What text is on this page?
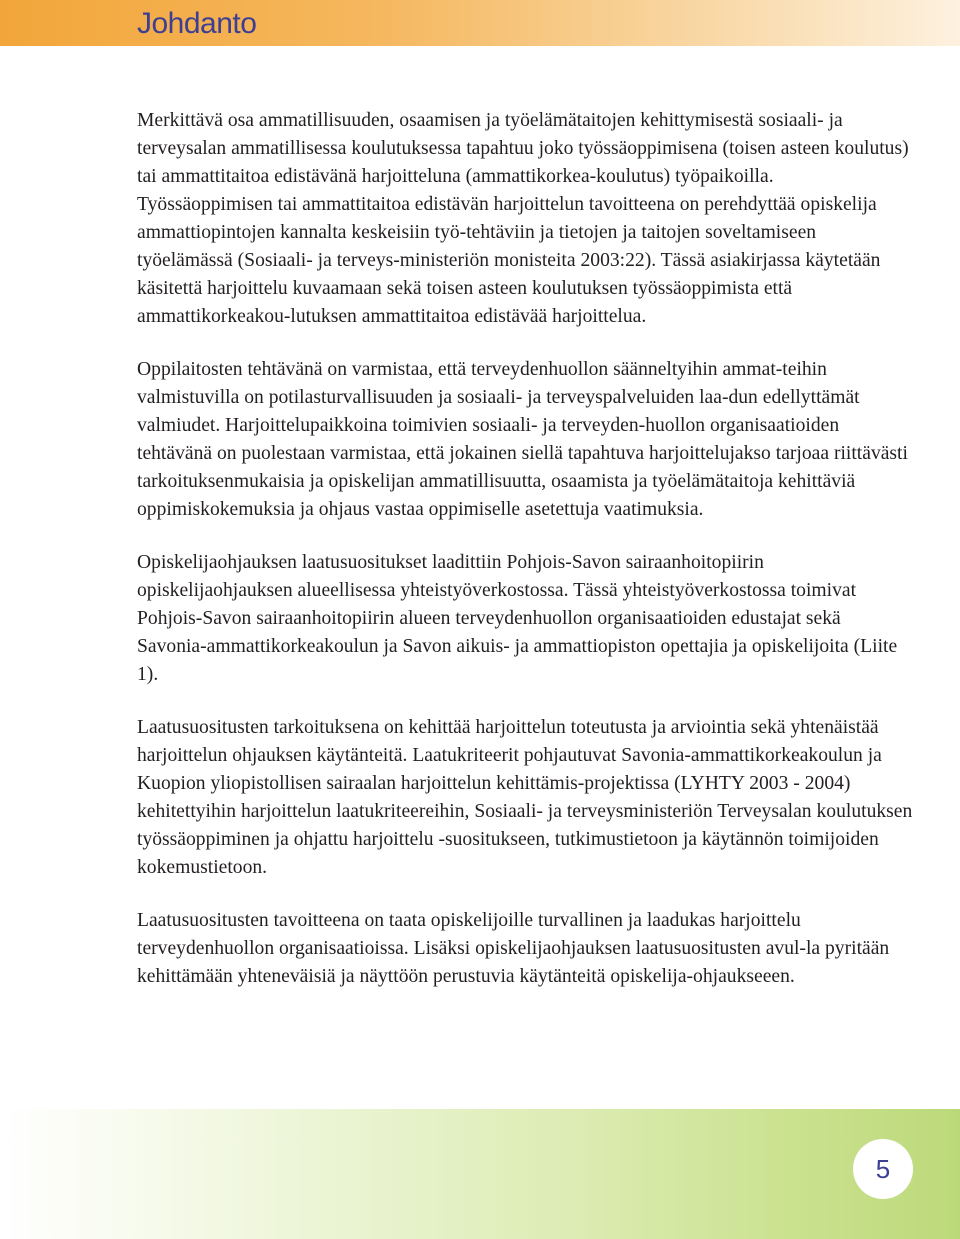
Johdanto

Merkittävä osa ammatillisuuden, osaamisen ja työelämätaitojen kehittymisestä sosiaali- ja terveysalan ammatillisessa koulutuksessa tapahtuu joko työssäoppimisena (toisen asteen koulutus) tai ammattitaitoa edistävänä harjoitteluna (ammattikorkea-koulutus) työpaikoilla. Työssäoppimisen tai ammattitaitoa edistävän harjoittelun tavoitteena on perehdyttää opiskelija ammattiopintojen kannalta keskeisiin työ-tehtäviin ja tietojen ja taitojen soveltamiseen työelämässä (Sosiaali- ja terveys-ministeriön monisteita 2003:22). Tässä asiakirjassa käytetään käsitettä harjoittelu kuvaamaan sekä toisen asteen koulutuksen työssäoppimista että ammattikorkeakou-lutuksen ammattitaitoa edistävää harjoittelua.

Oppilaitosten tehtävänä on varmistaa, että terveydenhuollon säänneltyihin ammat-teihin valmistuvilla on potilasturvallisuuden ja sosiaali- ja terveyspalveluiden laa-dun edellyttämät valmiudet. Harjoittelupaikkoina toimivien sosiaali- ja terveyden-huollon organisaatioiden tehtävänä on puolestaan varmistaa, että jokainen siellä tapahtuva harjoittelujakso tarjoaa riittävästi tarkoituksenmukaisia ja opiskelijan ammatillisuutta, osaamista ja työelämätaitoja kehittäviä oppimiskokemuksia ja ohjaus vastaa oppimiselle asetettuja vaatimuksia.

Opiskelijaohjauksen laatusuositukset laadittiin Pohjois-Savon sairaanhoitopiirin opiskelijaohjauksen alueellisessa yhteistyöverkostossa. Tässä yhteistyöverkostossa toimivat Pohjois-Savon sairaanhoitopiirin alueen terveydenhuollon organisaatioiden edustajat sekä Savonia-ammattikorkeakoulun ja Savon aikuis- ja ammattiopiston opettajia ja opiskelijoita (Liite 1).

Laatusuositusten tarkoituksena on kehittää harjoittelun toteutusta ja arviointia sekä yhtenäistää harjoittelun ohjauksen käytänteitä. Laatukriteerit pohjautuvat Savonia-ammattikorkeakoulun ja Kuopion yliopistollisen sairaalan harjoittelun kehittämis-projektissa (LYHTY 2003 - 2004) kehitettyihin harjoittelun laatukriteereihin, Sosiaali- ja terveysministeriön Terveysalan koulutuksen työssäoppiminen ja ohjattu harjoittelu -suositukseen, tutkimustietoon ja käytännön toimijoiden kokemustietoon.

Laatusuositusten tavoitteena on taata opiskelijoille turvallinen ja laadukas harjoittelu terveydenhuollon organisaatioissa. Lisäksi opiskelijaohjauksen laatusuositusten avul-la pyritään kehittämään yhteneväisiä ja näyttöön perustuvia käytänteitä opiskelija-ohjaukseeen.

5
